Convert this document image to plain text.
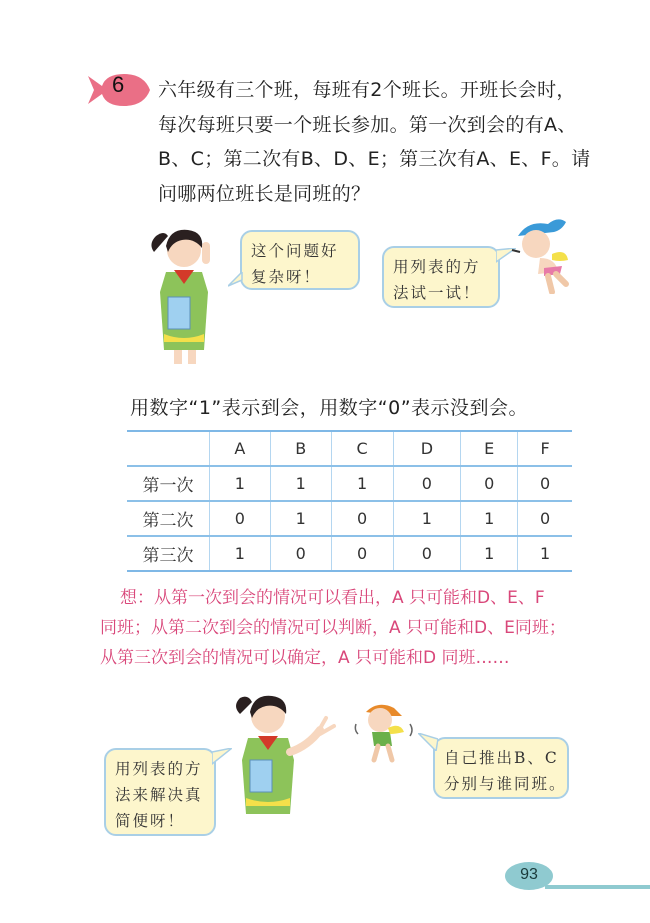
6 六年级有三个班，每班有2个班长。开班长会时，
每次每班只要一个班长参加。第一次到会的有A、
B、C；第二次有B、D、E；第三次有A、E、F。请
问哪两位班长是同班的？
这个问题好
复杂呀！
用列表的方
法试一试！
用数字“1”表示到会，用数字“0”表示没到会。
	A	B	C	D	E	F
第一次	1	1	1	0	0	0
第二次	0	1	0	1	1	0
第三次	1	0	0	0	1	1
想：从第一次到会的情况可以看出，A 只可能和D、E、F
同班；从第二次到会的情况可以判断，A 只可能和D、E同班；
从第三次到会的情况可以确定，A 只可能和D 同班……
用列表的方
法来解决真
简便呀！
自己推出B、C
分别与谁同班。
93
